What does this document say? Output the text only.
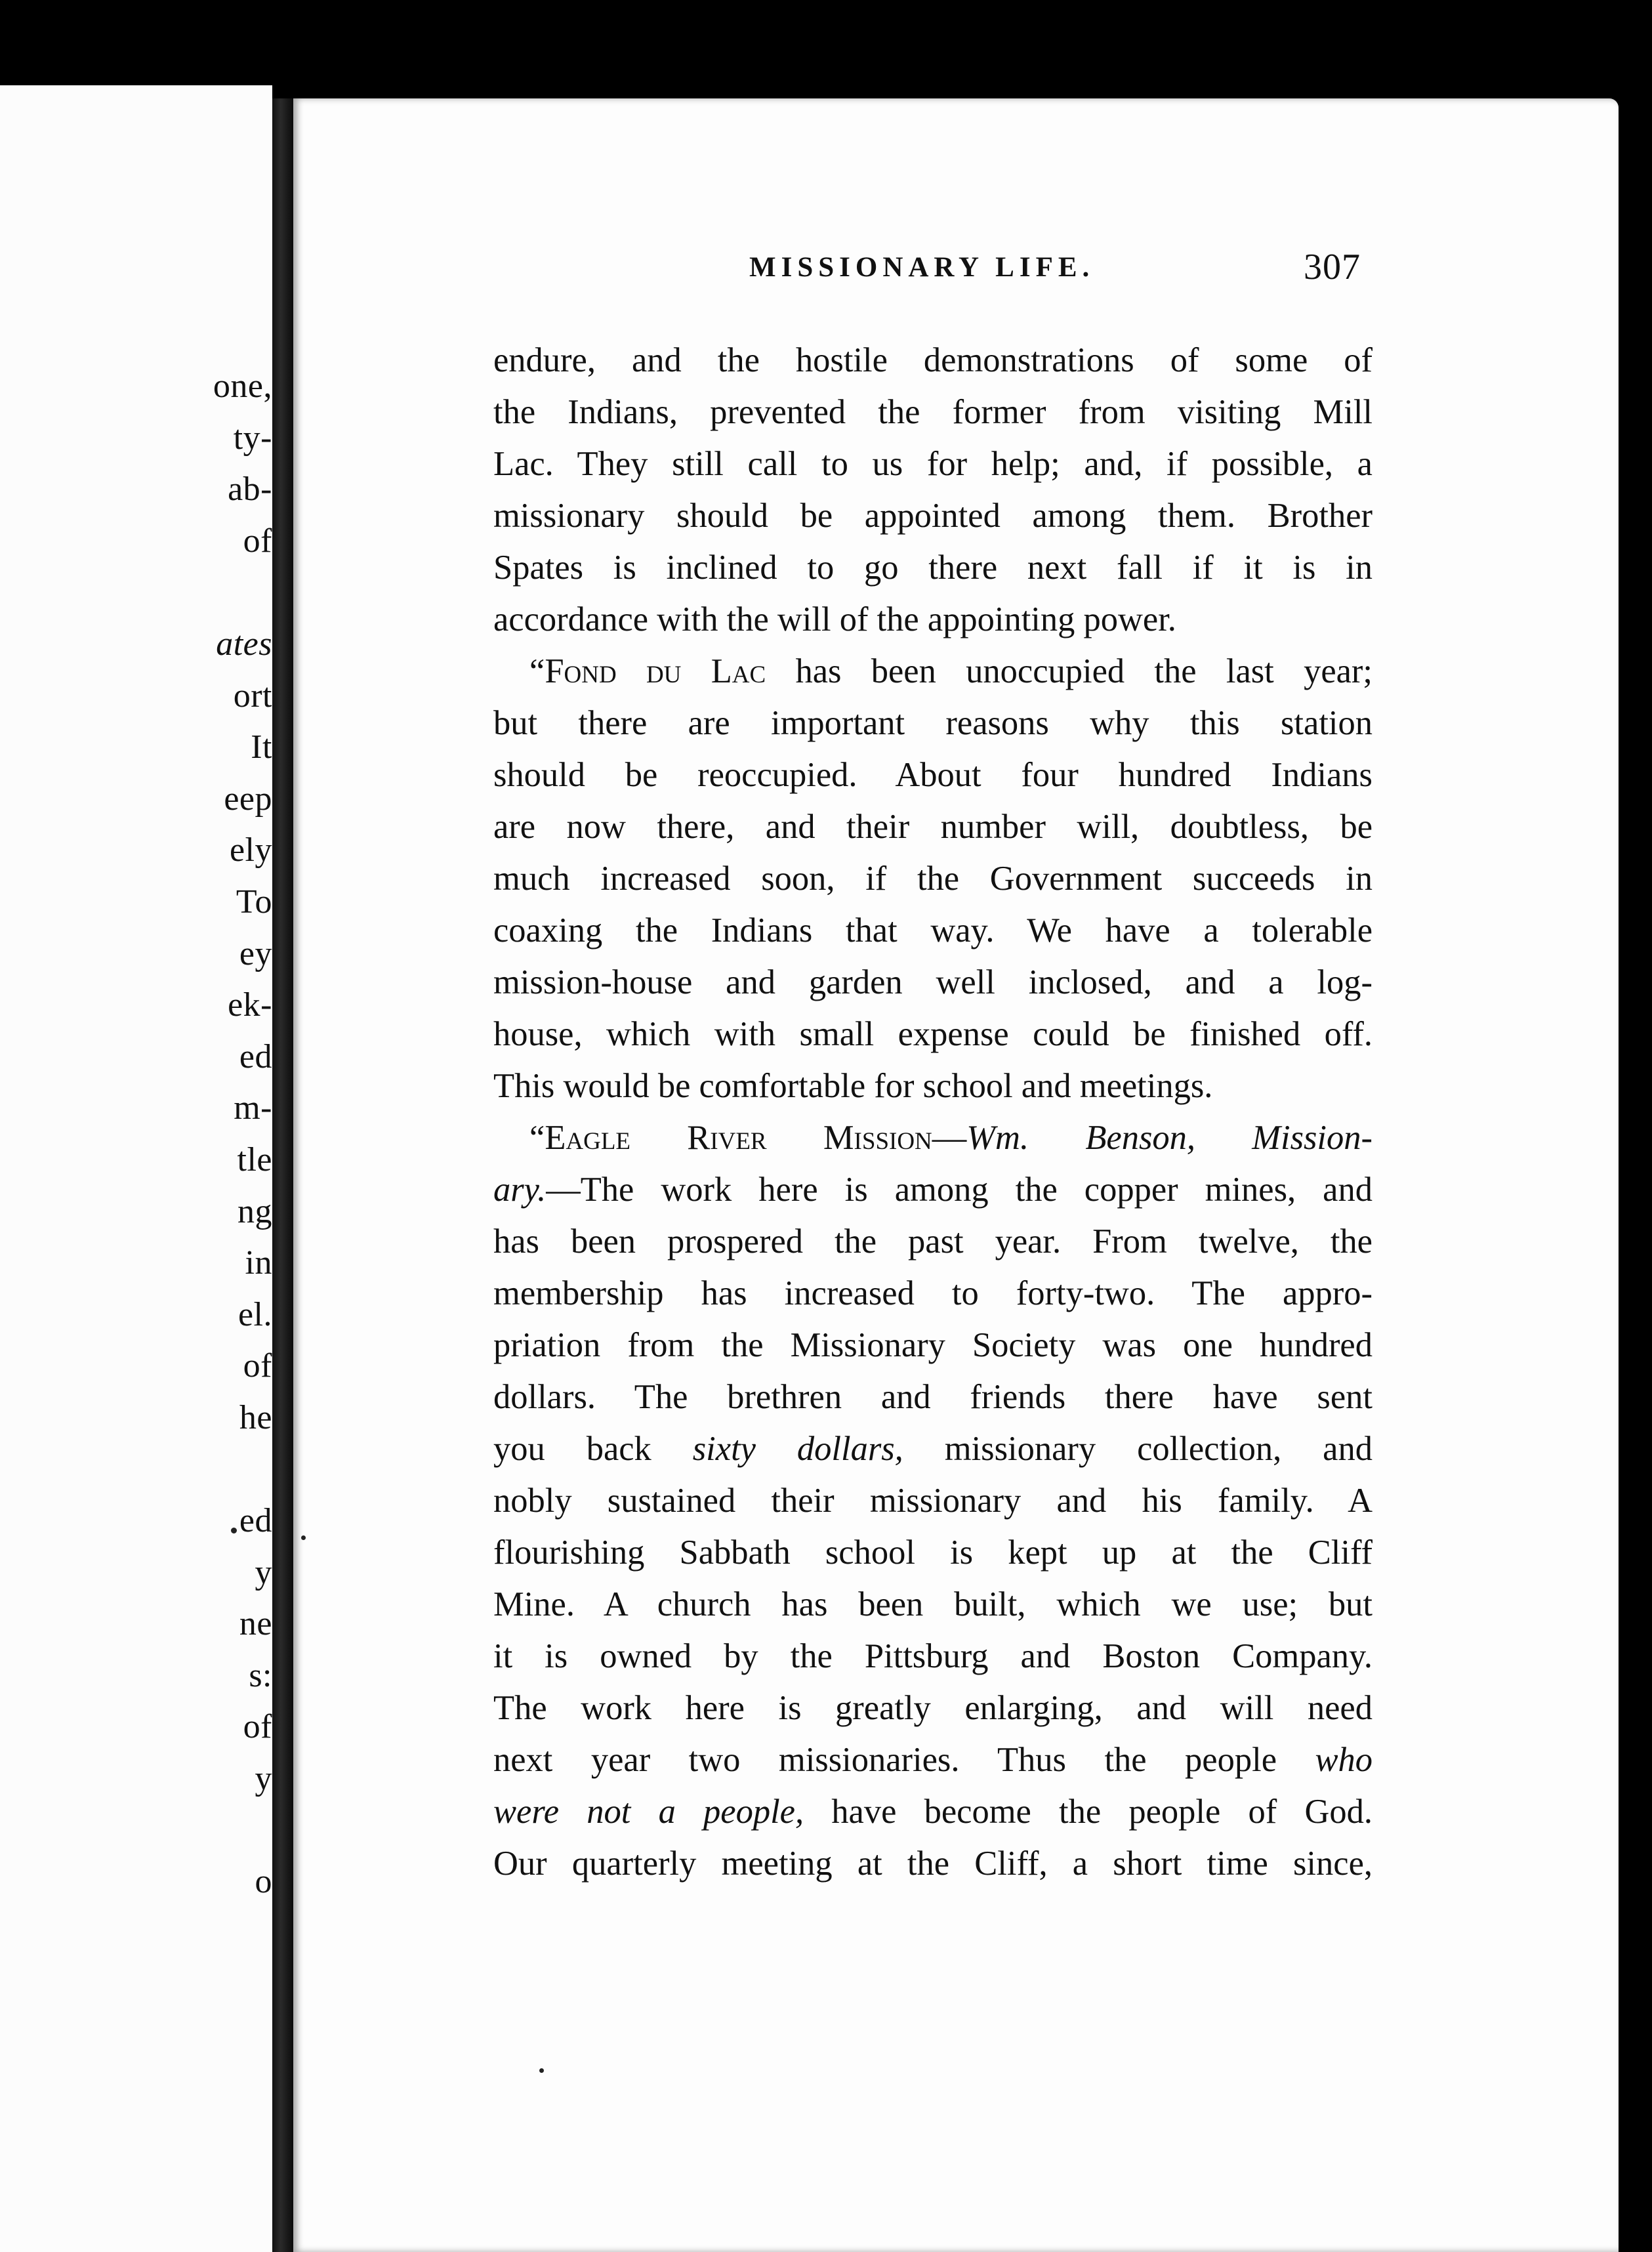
one,
ty-
ab-
of
ates
ort
It
eep
ely
To
ey
ek-
ed
m-
tle
ng
in
el.
of
he
ed
y
ne
s:
of
y
o
MISSIONARY LIFE.	307
endure, and the hostile demonstrations of some of
the Indians, prevented the former from visiting Mill
Lac. They still call to us for help; and, if possible, a
missionary should be appointed among them. Brother
Spates is inclined to go there next fall if it is in
accordance with the will of the appointing power.
“Fond du Lac has been unoccupied the last year;
but there are important reasons why this station
should be reoccupied. About four hundred Indians
are now there, and their number will, doubtless, be
much increased soon, if the Government succeeds in
coaxing the Indians that way. We have a tolerable
mission-house and garden well inclosed, and a log-
house, which with small expense could be finished off.
This would be comfortable for school and meetings.
“Eagle River Mission—Wm. Benson, Mission-
ary.—The work here is among the copper mines, and
has been prospered the past year. From twelve, the
membership has increased to forty-two. The appro-
priation from the Missionary Society was one hundred
dollars. The brethren and friends there have sent
you back sixty dollars, missionary collection, and
nobly sustained their missionary and his family. A
flourishing Sabbath school is kept up at the Cliff
Mine. A church has been built, which we use; but
it is owned by the Pittsburg and Boston Company.
The work here is greatly enlarging, and will need
next year two missionaries. Thus the people who
were not a people, have become the people of God.
Our quarterly meeting at the Cliff, a short time since,
